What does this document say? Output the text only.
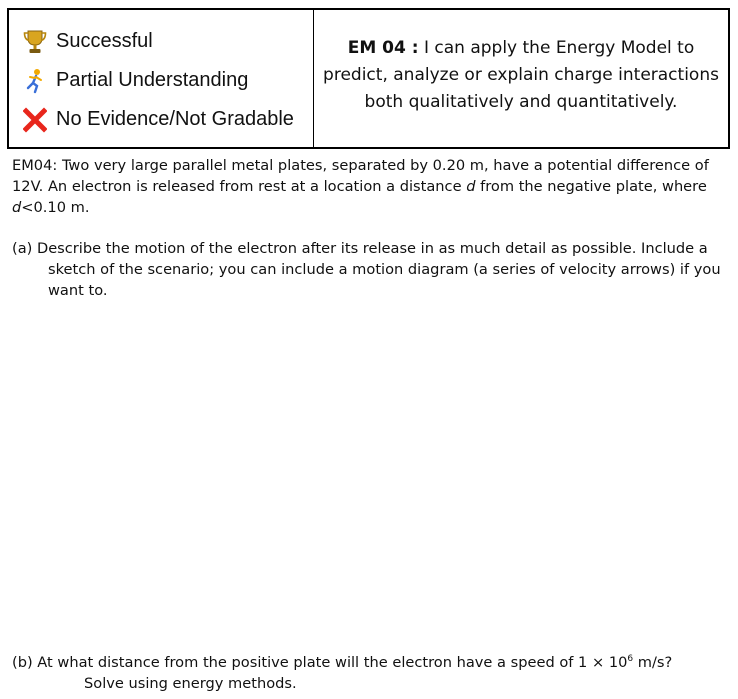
Successful
Partial Understanding
No Evidence/Not Gradable
EM 04 : I can apply the Energy Model to predict, analyze or explain charge interactions both qualitatively and quantitatively.
EM04: Two very large parallel metal plates, separated by 0.20 m, have a potential difference of 12V. An electron is released from rest at a location a distance d from the negative plate, where d<0.10 m.
(a) Describe the motion of the electron after its release in as much detail as possible. Include a sketch of the scenario; you can include a motion diagram (a series of velocity arrows) if you want to.
(b) At what distance from the positive plate will the electron have a speed of $1 \times 10^6$ m/s?
Solve using energy methods.
